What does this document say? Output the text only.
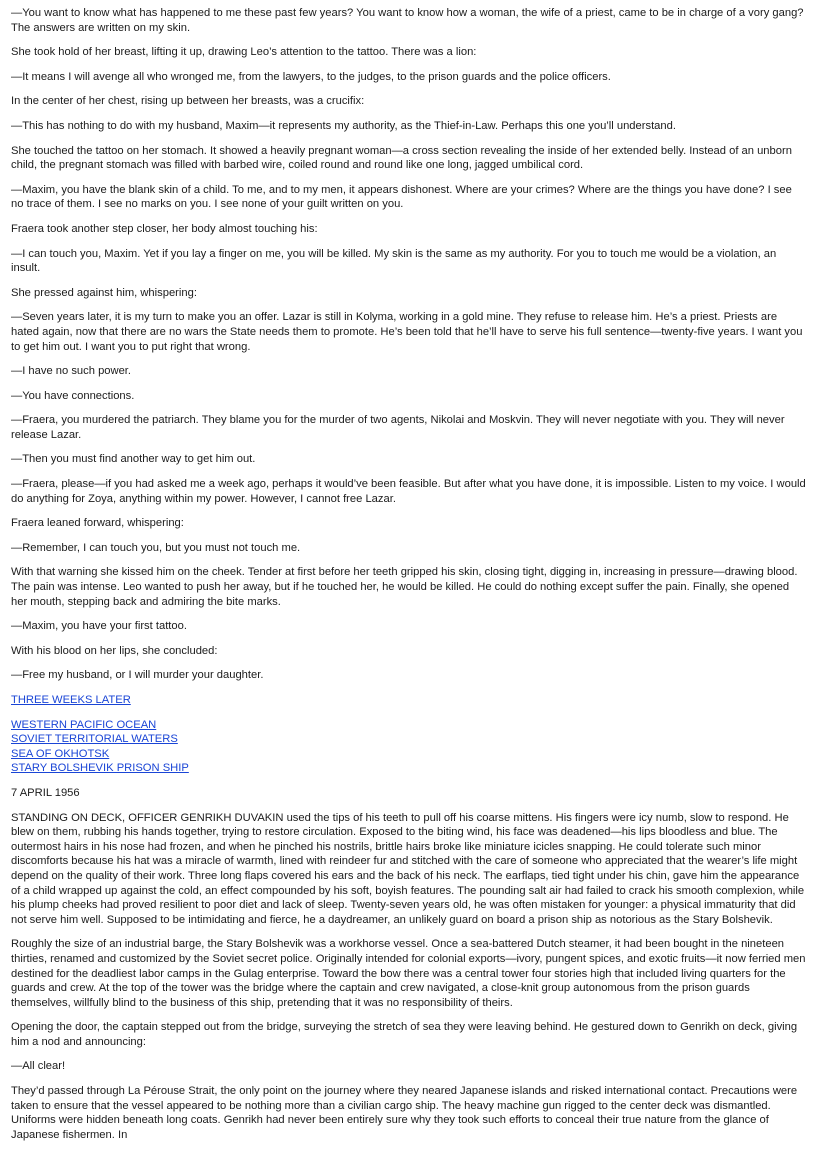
—You want to know what has happened to me these past few years? You want to know how a woman, the wife of a priest, came to be in charge of a vory gang? The answers are written on my skin.

She took hold of her breast, lifting it up, drawing Leo’s attention to the tattoo. There was a lion:

—It means I will avenge all who wronged me, from the lawyers, to the judges, to the prison guards and the police officers.

In the center of her chest, rising up between her breasts, was a crucifix:

—This has nothing to do with my husband, Maxim—it represents my authority, as the Thief-in-Law. Perhaps this one you’ll understand.

She touched the tattoo on her stomach. It showed a heavily pregnant woman—a cross section revealing the inside of her extended belly. Instead of an unborn child, the pregnant stomach was filled with barbed wire, coiled round and round like one long, jagged umbilical cord.

—Maxim, you have the blank skin of a child. To me, and to my men, it appears dishonest. Where are your crimes? Where are the things you have done? I see no trace of them. I see no marks on you. I see none of your guilt written on you.

Fraera took another step closer, her body almost touching his:

—I can touch you, Maxim. Yet if you lay a finger on me, you will be killed. My skin is the same as my authority. For you to touch me would be a violation, an insult.

She pressed against him, whispering:

—Seven years later, it is my turn to make you an offer. Lazar is still in Kolyma, working in a gold mine. They refuse to release him. He’s a priest. Priests are hated again, now that there are no wars the State needs them to promote. He’s been told that he’ll have to serve his full sentence—twenty-five years. I want you to get him out. I want you to put right that wrong.

—I have no such power.

—You have connections.

—Fraera, you murdered the patriarch. They blame you for the murder of two agents, Nikolai and Moskvin. They will never negotiate with you. They will never release Lazar.

—Then you must find another way to get him out.

—Fraera, please—if you had asked me a week ago, perhaps it would’ve been feasible. But after what you have done, it is impossible. Listen to my voice. I would do anything for Zoya, anything within my power. However, I cannot free Lazar.

Fraera leaned forward, whispering:

—Remember, I can touch you, but you must not touch me.

With that warning she kissed him on the cheek. Tender at first before her teeth gripped his skin, closing tight, digging in, increasing in pressure—drawing blood. The pain was intense. Leo wanted to push her away, but if he touched her, he would be killed. He could do nothing except suffer the pain. Finally, she opened her mouth, stepping back and admiring the bite marks.

—Maxim, you have your first tattoo.

With his blood on her lips, she concluded:

—Free my husband, or I will murder your daughter.

THREE WEEKS LATER

WESTERN PACIFIC OCEAN
SOVIET TERRITORIAL WATERS
SEA OF OKHOTSK
STARY BOLSHEVIK PRISON SHIP

7 APRIL 1956

STANDING ON DECK, OFFICER GENRIKH DUVAKIN used the tips of his teeth to pull off his coarse mittens. His fingers were icy numb, slow to respond. He blew on them, rubbing his hands together, trying to restore circulation. Exposed to the biting wind, his face was deadened—his lips bloodless and blue. The outermost hairs in his nose had frozen, and when he pinched his nostrils, brittle hairs broke like miniature icicles snapping. He could tolerate such minor discomforts because his hat was a miracle of warmth, lined with reindeer fur and stitched with the care of someone who appreciated that the wearer’s life might depend on the quality of their work. Three long flaps covered his ears and the back of his neck. The earflaps, tied tight under his chin, gave him the appearance of a child wrapped up against the cold, an effect compounded by his soft, boyish features. The pounding salt air had failed to crack his smooth complexion, while his plump cheeks had proved resilient to poor diet and lack of sleep. Twenty-seven years old, he was often mistaken for younger: a physical immaturity that did not serve him well. Supposed to be intimidating and fierce, he a daydreamer, an unlikely guard on board a prison ship as notorious as the Stary Bolshevik.

Roughly the size of an industrial barge, the Stary Bolshevik was a workhorse vessel. Once a sea-battered Dutch steamer, it had been bought in the nineteen thirties, renamed and customized by the Soviet secret police. Originally intended for colonial exports—ivory, pungent spices, and exotic fruits—it now ferried men destined for the deadliest labor camps in the Gulag enterprise. Toward the bow there was a central tower four stories high that included living quarters for the guards and crew. At the top of the tower was the bridge where the captain and crew navigated, a close-knit group autonomous from the prison guards themselves, willfully blind to the business of this ship, pretending that it was no responsibility of theirs.

Opening the door, the captain stepped out from the bridge, surveying the stretch of sea they were leaving behind. He gestured down to Genrikh on deck, giving him a nod and announcing:

—All clear!

They’d passed through La Pérouse Strait, the only point on the journey where they neared Japanese islands and risked international contact. Precautions were taken to ensure that the vessel appeared to be nothing more than a civilian cargo ship. The heavy machine gun rigged to the center deck was dismantled. Uniforms were hidden beneath long coats. Genrikh had never been entirely sure why they took such efforts to conceal their true nature from the glance of Japanese fishermen. In
